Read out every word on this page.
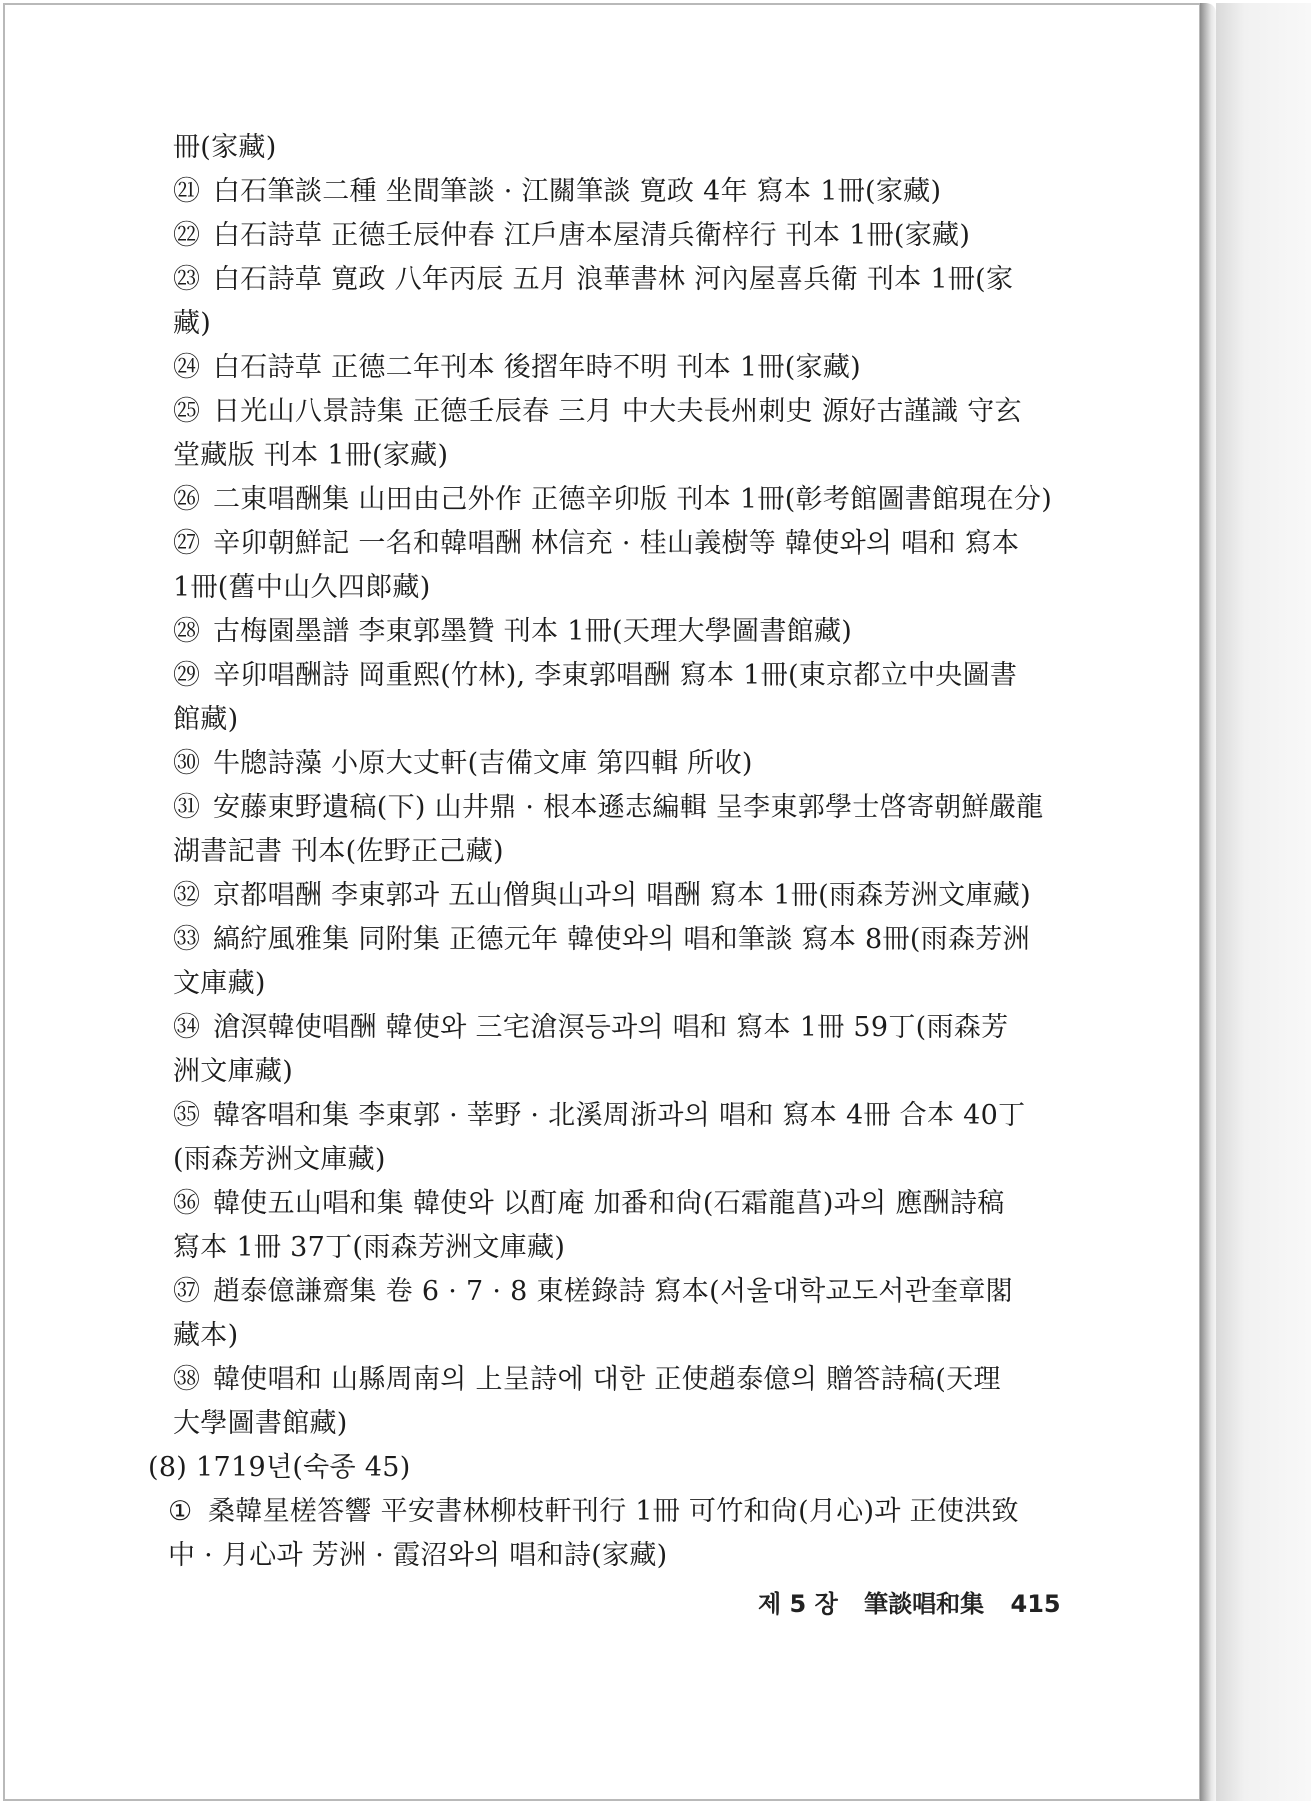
冊(家藏)
㉑ 白石筆談二種 坐間筆談 · 江關筆談 寛政 4年 寫本 1冊(家藏)
㉒ 白石詩草 正德壬辰仲春 江戶唐本屋清兵衛梓行 刊本 1冊(家藏)
㉓ 白石詩草 寛政 八年丙辰 五月 浪華書林 河內屋喜兵衛 刊本 1冊(家
藏)
㉔ 白石詩草 正德二年刊本 後摺年時不明 刊本 1冊(家藏)
㉕ 日光山八景詩集 正德壬辰春 三月 中大夫長州刺史 源好古謹識 守玄
堂藏版 刊本 1冊(家藏)
㉖ 二東唱酬集 山田由己外作 正德辛卯版 刊本 1冊(彰考館圖書館現在分)
㉗ 辛卯朝鮮記 一名和韓唱酬 林信充 · 桂山義樹等 韓使와의 唱和 寫本
1冊(舊中山久四郞藏)
㉘ 古梅園墨譜 李東郭墨贊 刊本 1冊(天理大學圖書館藏)
㉙ 辛卯唱酬詩 岡重熙(竹林), 李東郭唱酬 寫本 1冊(東京都立中央圖書
館藏)
㉚ 牛牕詩藻 小原大丈軒(吉備文庫 第四輯 所收)
㉛ 安藤東野遺稿(下) 山井鼎 · 根本遜志編輯 呈李東郭學士啓寄朝鮮嚴龍
湖書記書 刊本(佐野正己藏)
㉜ 京都唱酬 李東郭과 五山僧與山과의 唱酬 寫本 1冊(雨森芳洲文庫藏)
㉝ 縞紵風雅集 同附集 正德元年 韓使와의 唱和筆談 寫本 8冊(雨森芳洲
文庫藏)
㉞ 滄溟韓使唱酬 韓使와 三宅滄溟등과의 唱和 寫本 1冊 59丁(雨森芳
洲文庫藏)
㉟ 韓客唱和集 李東郭 · 莘野 · 北溪周浙과의 唱和 寫本 4冊 合本 40丁
(雨森芳洲文庫藏)
㊱ 韓使五山唱和集 韓使와 以酊庵 加番和尙(石霜龍菖)과의 應酬詩稿
寫本 1冊 37丁(雨森芳洲文庫藏)
㊲ 趙泰億謙齋集 卷 6 · 7 · 8 東槎錄詩 寫本(서울대학교도서관奎章閣
藏本)
㊳ 韓使唱和 山縣周南의 上呈詩에 대한 正使趙泰億의 贈答詩稿(天理
大學圖書館藏)
(8) 1719년(숙종 45)
① 桑韓星槎答響 平安書林柳枝軒刊行 1冊 可竹和尙(月心)과 正使洪致
中 · 月心과 芳洲 · 霞沼와의 唱和詩(家藏)
제 5 장 筆談唱和集 415
